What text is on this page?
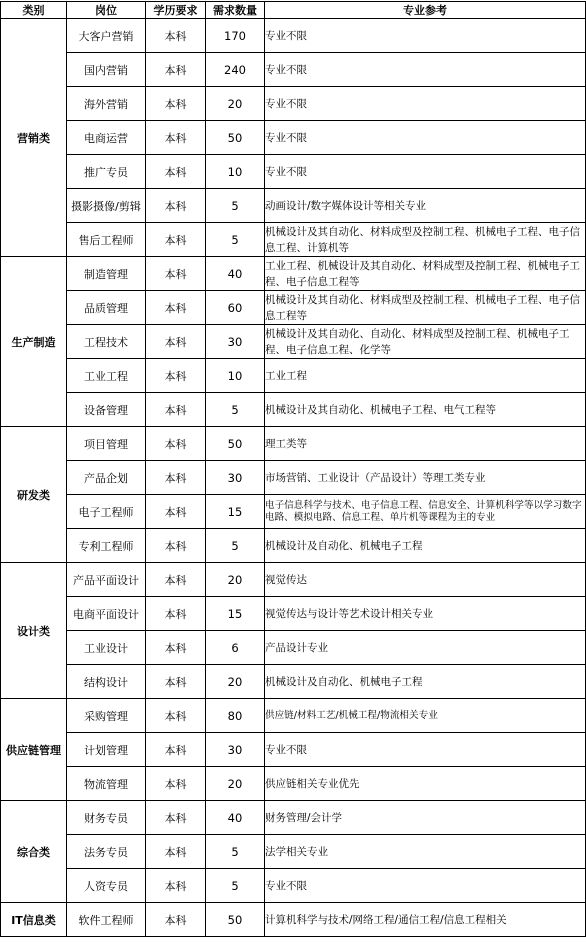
类别	岗位	学历要求	需求数量	专业参考
营销类	大客户营销	本科	170	专业不限
	国内营销	本科	240	专业不限
	海外营销	本科	20	专业不限
	电商运营	本科	50	专业不限
	推广专员	本科	10	专业不限
	摄影摄像/剪辑	本科	5	动画设计/数字媒体设计等相关专业
	售后工程师	本科	5	机械设计及其自动化、材料成型及控制工程、机械电子工程、电子信息工程、计算机等
生产制造	制造管理	本科	40	工业工程、机械设计及其自动化、材料成型及控制工程、机械电子工程、电子信息工程等
	品质管理	本科	60	机械设计及其自动化、材料成型及控制工程、机械电子工程、电子信息工程等
	工程技术	本科	30	机械设计及其自动化、自动化、材料成型及控制工程、机械电子工程、电子信息工程、化学等
	工业工程	本科	10	工业工程
	设备管理	本科	5	机械设计及其自动化、机械电子工程、电气工程等
研发类	项目管理	本科	50	理工类等
	产品企划	本科	30	市场营销、工业设计（产品设计）等理工类专业
	电子工程师	本科	15	电子信息科学与技术、电子信息工程、信息安全、计算机科学等以学习数字电路、模拟电路、信息工程、单片机等课程为主的专业
	专利工程师	本科	5	机械设计及自动化、机械电子工程
设计类	产品平面设计	本科	20	视觉传达
	电商平面设计	本科	15	视觉传达与设计等艺术设计相关专业
	工业设计	本科	6	产品设计专业
	结构设计	本科	20	机械设计及自动化、机械电子工程
供应链管理	采购管理	本科	80	供应链/材料工艺/机械工程/物流相关专业
	计划管理	本科	30	专业不限
	物流管理	本科	20	供应链相关专业优先
综合类	财务专员	本科	40	财务管理/会计学
	法务专员	本科	5	法学相关专业
	人资专员	本科	5	专业不限
IT信息类	软件工程师	本科	50	计算机科学与技术/网络工程/通信工程/信息工程相关
